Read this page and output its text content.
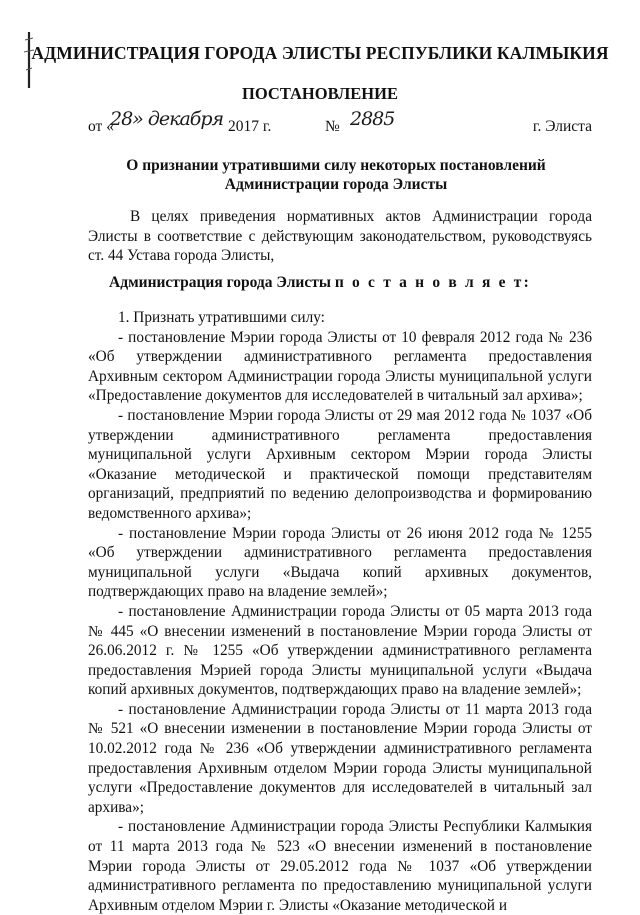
АДМИНИСТРАЦИЯ ГОРОДА ЭЛИСТЫ РЕСПУБЛИКИ КАЛМЫКИЯ
ПОСТАНОВЛЕНИЕ
от «
28» декабря 2017 г.	№ 2885	г. Элиста
О признании утратившими силу некоторых постановлений
Администрации города Элисты

В целях приведения нормативных актов Администрации города Элисты в соответствие с действующим законодательством, руководствуясь ст. 44 Устава города Элисты,

Администрация города Элисты п о с т а н о в л я е т:

1. Признать утратившими силу:

- постановление Мэрии города Элисты от 10 февраля 2012 года № 236 «Об утверждении административного регламента предоставления Архивным сектором Администрации города Элисты муниципальной услуги «Предоставление документов для исследователей в читальный зал архива»;

- постановление Мэрии города Элисты от 29 мая 2012 года № 1037 «Об утверждении административного регламента предоставления муниципальной услуги Архивным сектором Мэрии города Элисты «Оказание методической и практической помощи представителям организаций, предприятий по ведению делопроизводства и формированию ведомственного архива»;

- постановление Мэрии города Элисты от 26 июня 2012 года № 1255 «Об утверждении административного регламента предоставления муниципальной услуги «Выдача копий архивных документов, подтверждающих право на владение землей»;

- постановление Администрации города Элисты от 05 марта 2013 года № 445 «О внесении изменений в постановление Мэрии города Элисты от 26.06.2012 г. № 1255 «Об утверждении административного регламента предоставления Мэрией города Элисты муниципальной услуги «Выдача копий архивных документов, подтверждающих право на владение землей»;

- постановление Администрации города Элисты от 11 марта 2013 года № 521 «О внесении изменении в постановление Мэрии города Элисты от 10.02.2012 года № 236 «Об утверждении административного регламента предоставления Архивным отделом Мэрии города Элисты муниципальной услуги «Предоставление документов для исследователей в читальный зал архива»;

- постановление Администрации города Элисты Республики Калмыкия от 11 марта 2013 года № 523 «О внесении изменений в постановление Мэрии города Элисты от 29.05.2012 года № 1037 «Об утверждении административного регламента по предоставлению муниципальной услуги Архивным отделом Мэрии г. Элисты «Оказание методической и
